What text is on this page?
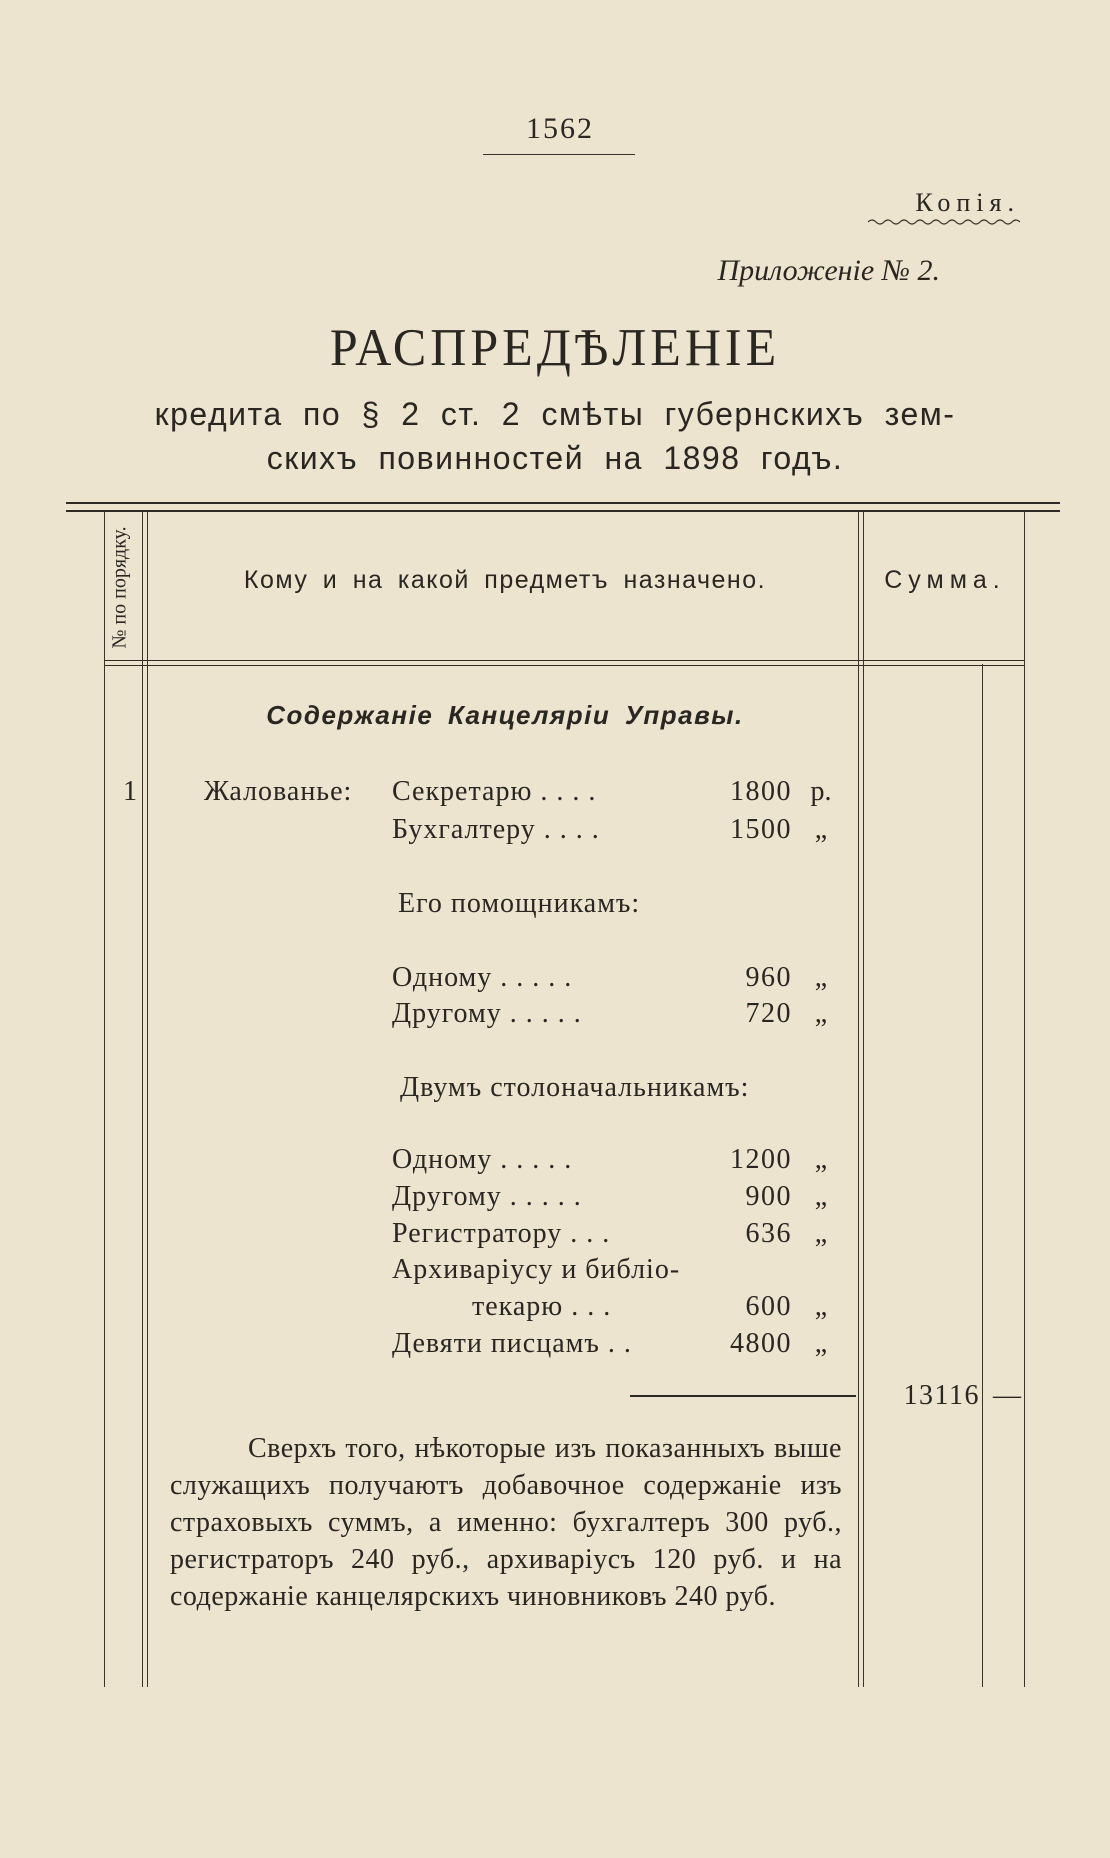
1562
Копія.
Приложеніе № 2.
РАСПРЕДѢЛЕНІЕ
кредита по § 2 ст. 2 смѣты губернскихъ зем-
скихъ повинностей на 1898 годъ.
№ по порядку.	Кому и на какой предметъ назначено.	Сумма.
Содержаніе Канцеляріи Управы.
1	Жалованье: Секретарю . . . .	1800 р.
Бухгалтеру . . . .	1500 „
Его помощникамъ:
Одному . . . . .	960 „
Другому . . . . .	720 „
Двумъ столоначальникамъ:
Одному . . . . .	1200 „
Другому . . . . .	900 „
Регистратору . . .	636 „
Архиваріусу и библіо-
текарю . . .	600 „
Девяти писцамъ . .	4800 „
13116 —

Сверхъ того, нѣкоторые изъ показанныхъ выше служащихъ получаютъ добавочное содержаніе изъ страховыхъ суммъ, а именно: бухгалтеръ 300 руб., регистраторъ 240 руб., архиваріусъ 120 руб. и на содержаніе канцелярскихъ чиновниковъ 240 руб.
